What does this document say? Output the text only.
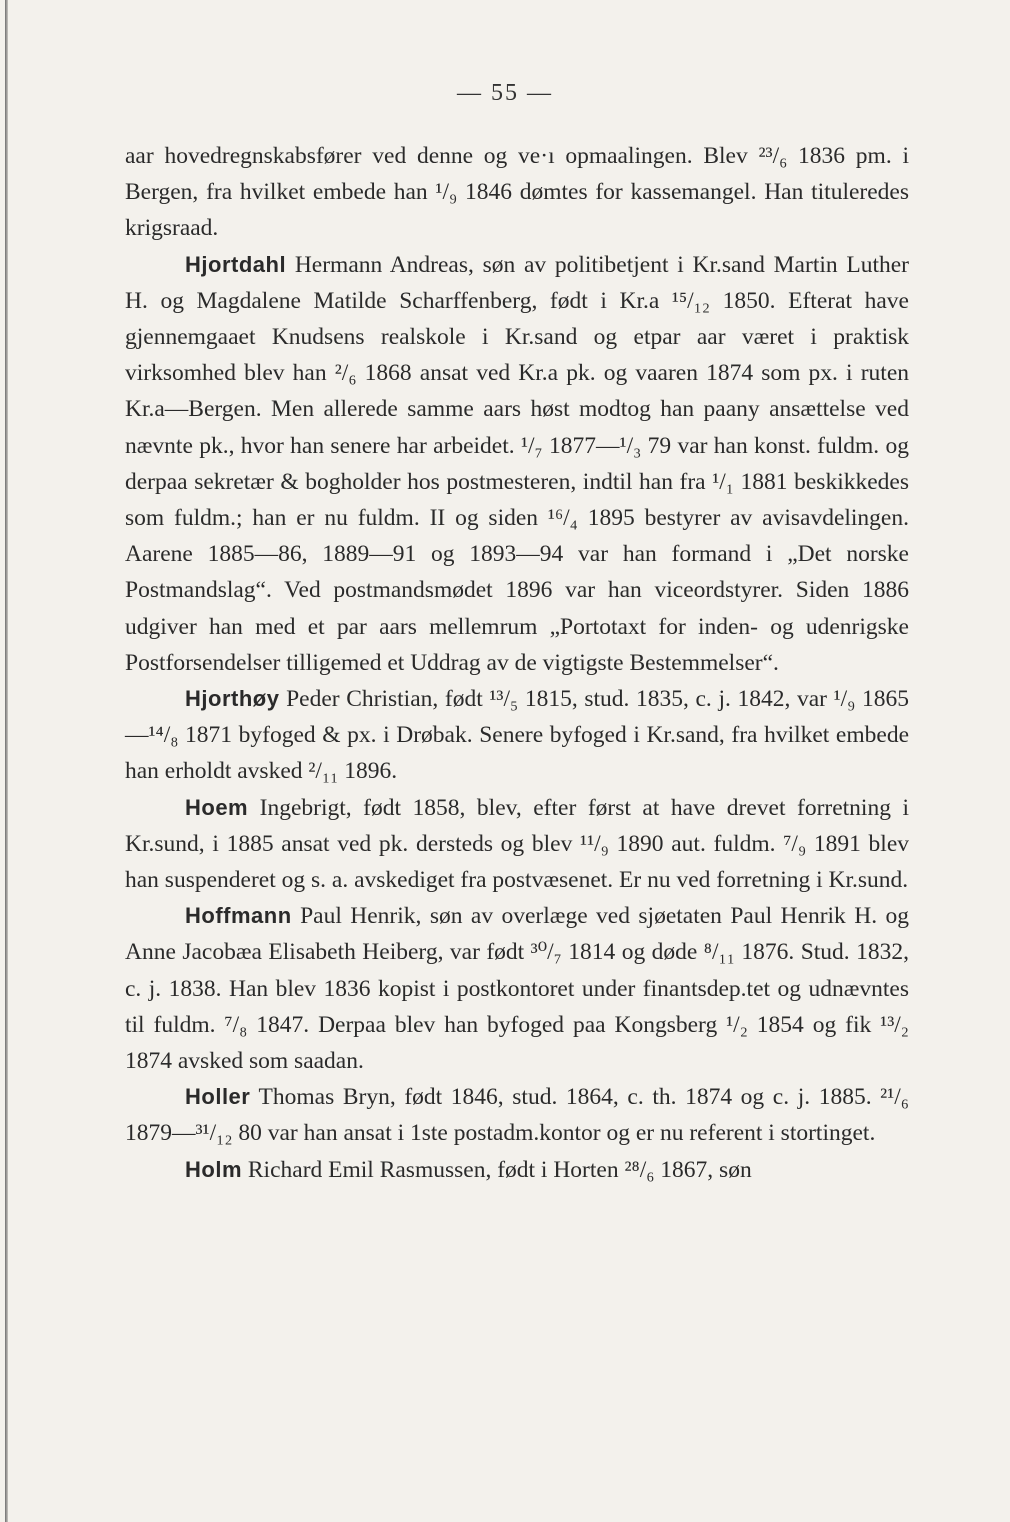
— 55 —

aar hovedregnskabsfører ved denne og ve·ı opmaalingen. Blev ²³/₆ 1836 pm. i Bergen, fra hvilket embede han ¹/₉ 1846 dømtes for kassemangel. Han tituleredes krigsraad.

Hjortdahl Hermann Andreas, søn av politibetjent i Kr.sand Martin Luther H. og Magdalene Matilde Scharffenberg, født i Kr.a ¹⁵/₁₂ 1850. Efterat have gjennemgaaet Knudsens realskole i Kr.sand og etpar aar været i praktisk virksomhed blev han ²/₆ 1868 ansat ved Kr.a pk. og vaaren 1874 som px. i ruten Kr.a—Bergen. Men allerede samme aars høst modtog han paany ansættelse ved nævnte pk., hvor han senere har arbeidet. ¹/₇ 1877—¹/₃ 79 var han konst. fuldm. og derpaa sekretær & bogholder hos postmesteren, indtil han fra ¹/₁ 1881 beskikkedes som fuldm.; han er nu fuldm. II og siden ¹⁶/₄ 1895 bestyrer av avisavdelingen. Aarene 1885—86, 1889—91 og 1893—94 var han formand i „Det norske Postmandslag“. Ved postmandsmødet 1896 var han viceordstyrer. Siden 1886 udgiver han med et par aars mellemrum „Portotaxt for inden- og udenrigske Postforsendelser tilligemed et Uddrag av de vigtigste Bestemmelser“.

Hjorthøy Peder Christian, født ¹³/₅ 1815, stud. 1835, c. j. 1842, var ¹/₉ 1865—¹⁴/₈ 1871 byfoged & px. i Drøbak. Senere byfoged i Kr.sand, fra hvilket embede han erholdt avsked ²/₁₁ 1896.

Hoem Ingebrigt, født 1858, blev, efter først at have drevet forretning i Kr.sund, i 1885 ansat ved pk. dersteds og blev ¹¹/₉ 1890 aut. fuldm. ⁷/₉ 1891 blev han suspenderet og s. a. avskediget fra postvæsenet. Er nu ved forretning i Kr.sund.

Hoffmann Paul Henrik, søn av overlæge ved sjøetaten Paul Henrik H. og Anne Jacobæa Elisabeth Heiberg, var født ³⁰/₇ 1814 og døde ⁸/₁₁ 1876. Stud. 1832, c. j. 1838. Han blev 1836 kopist i postkontoret under finantsdep.tet og udnævntes til fuldm. ⁷/₈ 1847. Derpaa blev han byfoged paa Kongsberg ¹/₂ 1854 og fik ¹³/₂ 1874 avsked som saadan.

Holler Thomas Bryn, født 1846, stud. 1864, c. th. 1874 og c. j. 1885. ²¹/₆ 1879—³¹/₁₂ 80 var han ansat i 1ste postadm.kontor og er nu referent i stortinget.

Holm Richard Emil Rasmussen, født i Horten ²⁸/₆ 1867, søn
